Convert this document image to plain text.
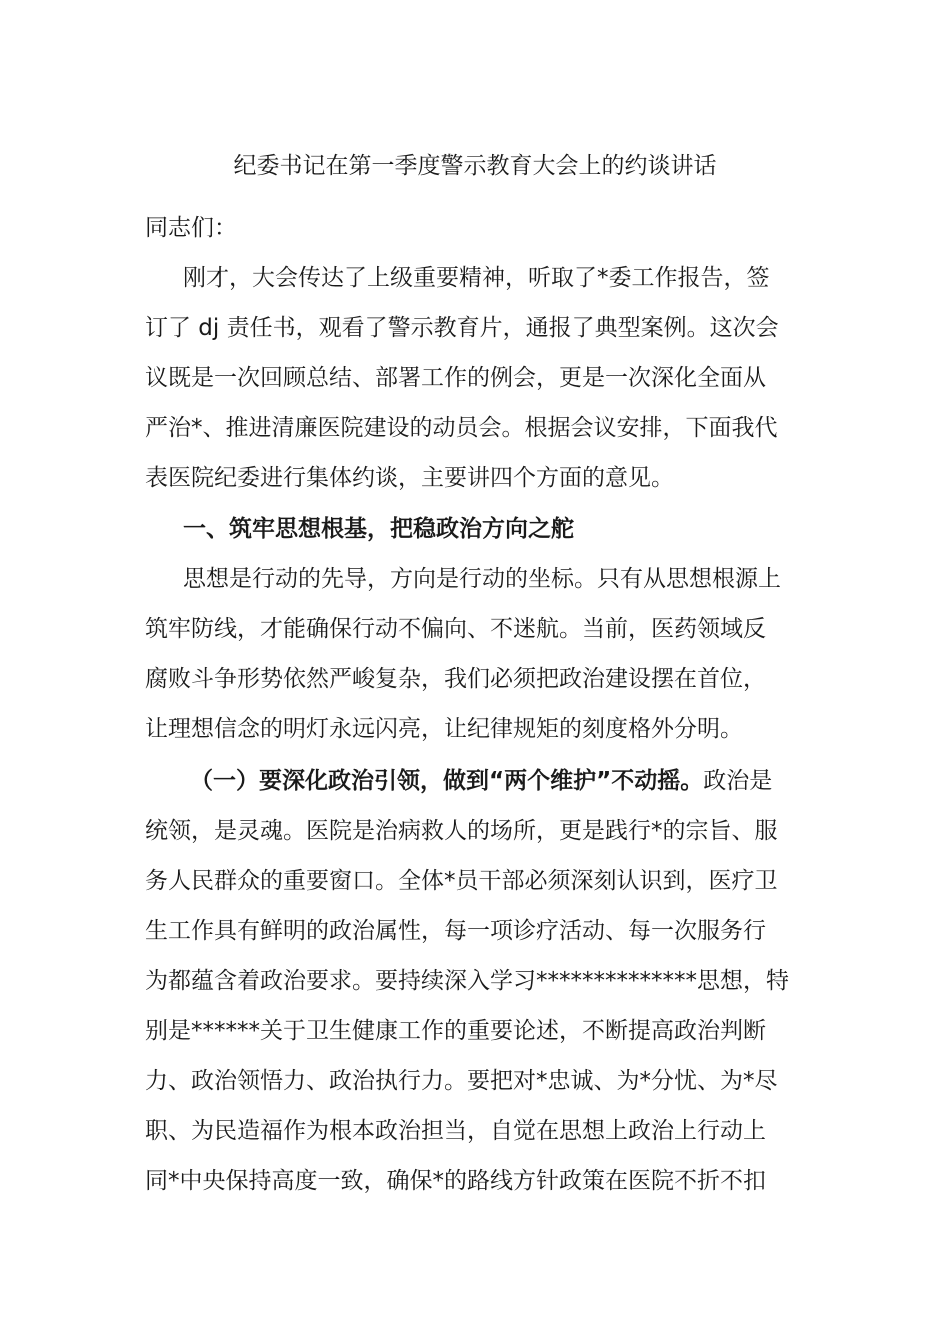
纪委书记在第一季度警示教育大会上的约谈讲话
同志们：
刚才，大会传达了上级重要精神，听取了*委工作报告，签
订了 dj 责任书，观看了警示教育片，通报了典型案例。这次会
议既是一次回顾总结、部署工作的例会，更是一次深化全面从
严治*、推进清廉医院建设的动员会。根据会议安排，下面我代
表医院纪委进行集体约谈，主要讲四个方面的意见。
一、筑牢思想根基，把稳政治方向之舵
思想是行动的先导，方向是行动的坐标。只有从思想根源上
筑牢防线，才能确保行动不偏向、不迷航。当前，医药领域反
腐败斗争形势依然严峻复杂，我们必须把政治建设摆在首位，
让理想信念的明灯永远闪亮，让纪律规矩的刻度格外分明。
（一）要深化政治引领，做到“两个维护”不动摇。政治是
统领，是灵魂。医院是治病救人的场所，更是践行*的宗旨、服
务人民群众的重要窗口。全体*员干部必须深刻认识到，医疗卫
生工作具有鲜明的政治属性，每一项诊疗活动、每一次服务行
为都蕴含着政治要求。要持续深入学习**************思想，特
别是******关于卫生健康工作的重要论述，不断提高政治判断
力、政治领悟力、政治执行力。要把对*忠诚、为*分忧、为*尽
职、为民造福作为根本政治担当，自觉在思想上政治上行动上
同*中央保持高度一致，确保*的路线方针政策在医院不折不扣
